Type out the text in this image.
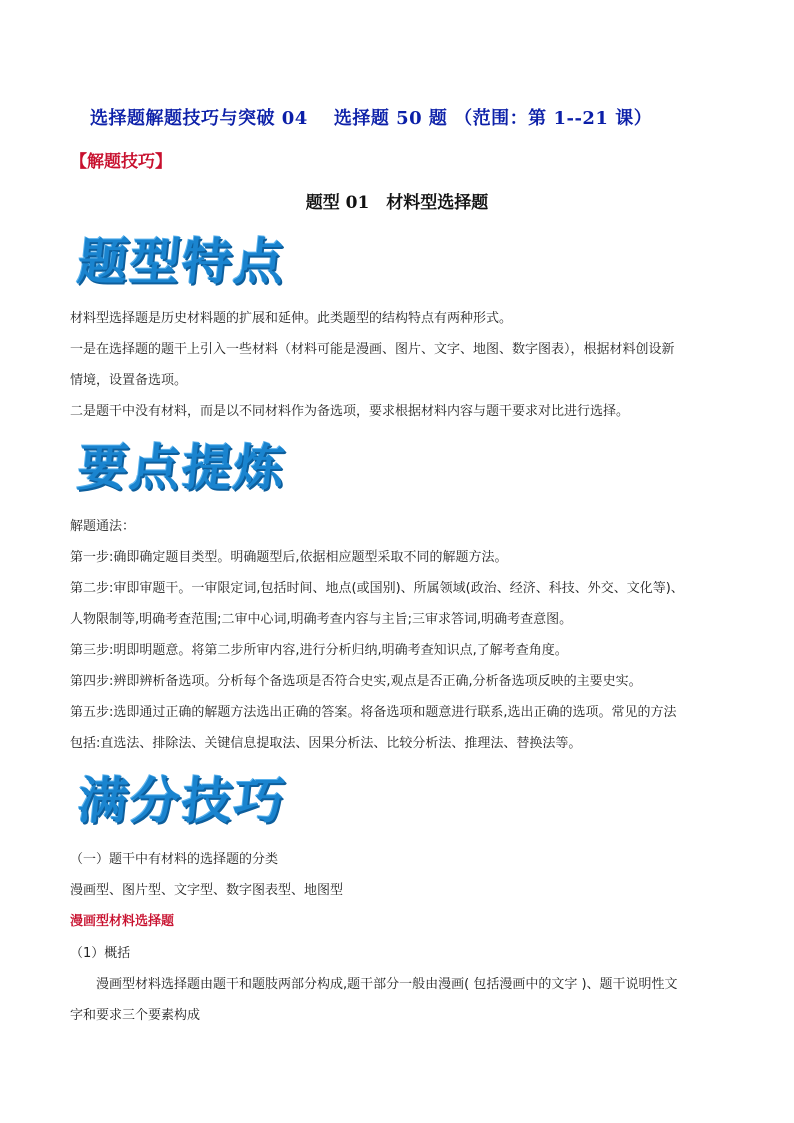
选择题解题技巧与突破 04 选择题 50 题 （范围：第 1--21 课）
【解题技巧】
题型 01　材料型选择题
题型特点

材料型选择题是历史材料题的扩展和延伸。此类题型的结构特点有两种形式。

一是在选择题的题干上引入一些材料（材料可能是漫画、图片、文字、地图、数字图表），根据材料创设新

情境，设置备选项。

二是题干中没有材料，而是以不同材料作为备选项，要求根据材料内容与题干要求对比进行选择。

要点提炼

解题通法：

第一步:确即确定题目类型。明确题型后,依据相应题型采取不同的解题方法。

第二步:审即审题干。一审限定词,包括时间、地点(或国别)、所属领域(政治、经济、科技、外交、文化等)、

人物限制等,明确考查范围;二审中心词,明确考查内容与主旨;三审求答词,明确考查意图。

第三步:明即明题意。将第二步所审内容,进行分析归纳,明确考查知识点,了解考查角度。

第四步:辨即辨析备选项。分析每个备选项是否符合史实,观点是否正确,分析备选项反映的主要史实。

第五步:选即通过正确的解题方法选出正确的答案。将备选项和题意进行联系,选出正确的选项。常见的方法

包括:直选法、排除法、关键信息提取法、因果分析法、比较分析法、推理法、替换法等。

满分技巧

（一）题干中有材料的选择题的分类

漫画型、图片型、文字型、数字图表型、地图型

漫画型材料选择题

（1）概括

漫画型材料选择题由题干和题肢两部分构成,题干部分一般由漫画( 包括漫画中的文字 )、题干说明性文

字和要求三个要素构成
